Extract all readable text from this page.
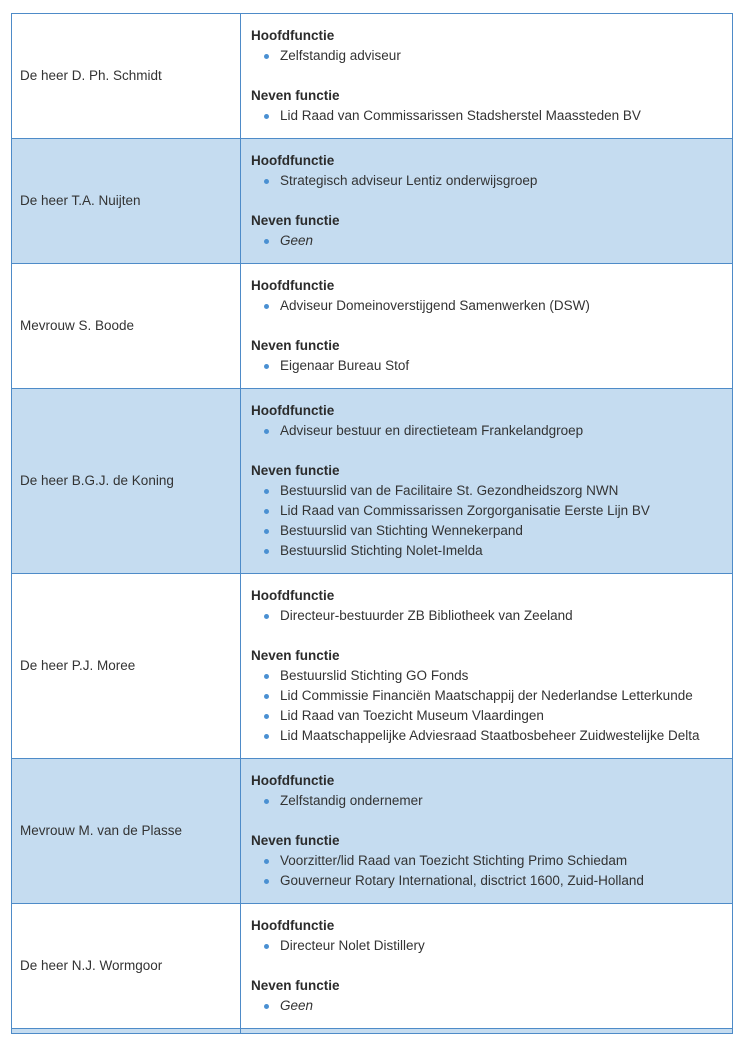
De heer D. Ph. Schmidt	
Hoofdfunctie
Zelfstandig adviseur
Neven functie
Lid Raad van Commissarissen Stadsherstel Maassteden BV

De heer T.A. Nuijten	
Hoofdfunctie
Strategisch adviseur Lentiz onderwijsgroep
Neven functie
Geen

Mevrouw S. Boode	
Hoofdfunctie
Adviseur Domeinoverstijgend Samenwerken (DSW)
Neven functie
Eigenaar Bureau Stof

De heer B.G.J. de Koning	
Hoofdfunctie
Adviseur bestuur en directieteam Frankelandgroep
Neven functie
Bestuurslid van de Facilitaire St. Gezondheidszorg NWN
Lid Raad van Commissarissen Zorgorganisatie Eerste Lijn BV
Bestuurslid van Stichting Wennekerpand
Bestuurslid Stichting Nolet-Imelda

De heer P.J. Moree	
Hoofdfunctie
Directeur-bestuurder ZB Bibliotheek van Zeeland
Neven functie
Bestuurslid Stichting GO Fonds
Lid Commissie Financiën Maatschappij der Nederlandse Letterkunde
Lid Raad van Toezicht Museum Vlaardingen
Lid Maatschappelijke Adviesraad Staatbosbeheer Zuidwestelijke Delta

Mevrouw M. van de Plasse	
Hoofdfunctie
Zelfstandig ondernemer
Neven functie
Voorzitter/lid Raad van Toezicht Stichting Primo Schiedam
Gouverneur Rotary International, disctrict 1600, Zuid-Holland

De heer N.J. Wormgoor	
Hoofdfunctie
Directeur Nolet Distillery
Neven functie
Geen
